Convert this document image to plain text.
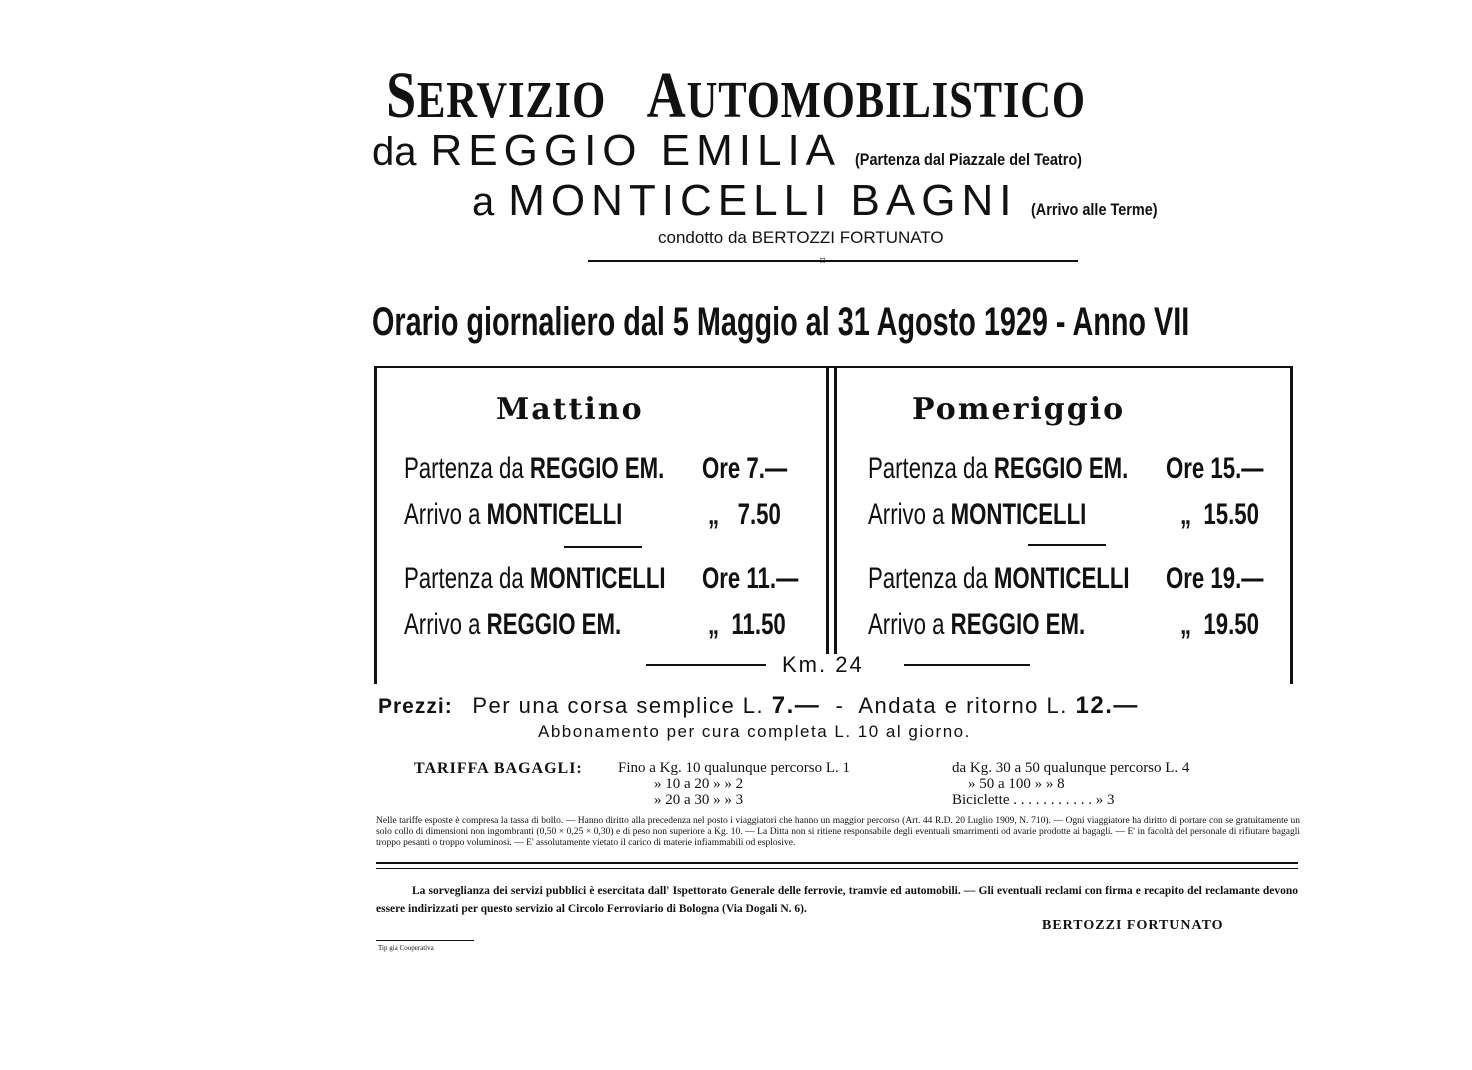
SERVIZIO AUTOMOBILISTICO
da REGGIO EMILIA (Partenza dal Piazzale del Teatro)
a MONTICELLI BAGNI (Arrivo alle Terme)
condotto da BERTOZZI FORTUNATO
⌑
Orario giornaliero dal 5 Maggio al 31 Agosto 1929 - Anno VII
Mattino
Partenza da REGGIO EM. Ore 7.—
Arrivo a MONTICELLI	„ 7.50
Partenza da MONTICELLI Ore 11.—
Arrivo a REGGIO EM.	„ 11.50
Pomeriggio
Partenza da REGGIO EM. Ore 15.—
Arrivo a MONTICELLI	„ 15.50
Partenza da MONTICELLI Ore 19.—
Arrivo a REGGIO EM.	„ 19.50
Km. 24
Prezzi: Per una corsa semplice L. 7.— - Andata e ritorno L. 12.—
Abbonamento per cura completa L. 10 al giorno.
TARIFFA BAGAGLI: Fino a Kg. 10 qualunque percorso L. 1
» 10 a 20 » » 2
» 20 a 30 » » 3
da Kg. 30 a 50 qualunque percorso L. 4
» 50 a 100 » » 8
Biciclette . . . . . . . . . . . » 3
Nelle tariffe esposte è compresa la tassa di bollo. — Hanno diritto alla precedenza nel posto i viaggiatori che hanno un maggior percorso (Art. 44 R.D. 20 Luglio 1909, N. 710). — Ogni viaggiatore ha diritto di portare con se gratuitamente un solo collo di dimensioni non ingombranti (0,50 × 0,25 × 0,30) e di peso non superiore a Kg. 10. — La Ditta non si ritiene responsabile degli eventuali smarrimenti od avarie prodotte ai bagagli. — E' in facoltà del personale di rifiutare bagagli troppo pesanti o troppo voluminosi. — E' assolutamente vietato il carico di materie infiammabili od esplosive.
La sorveglianza dei servizi pubblici è esercitata dall' Ispettorato Generale delle ferrovie, tramvie ed automobili. — Gli eventuali reclami con firma e recapito del reclamante devono essere indirizzati per questo servizio al Circolo Ferroviario di Bologna (Via Dogali N. 6).
BERTOZZI FORTUNATO
Tip gia Cooperativa
